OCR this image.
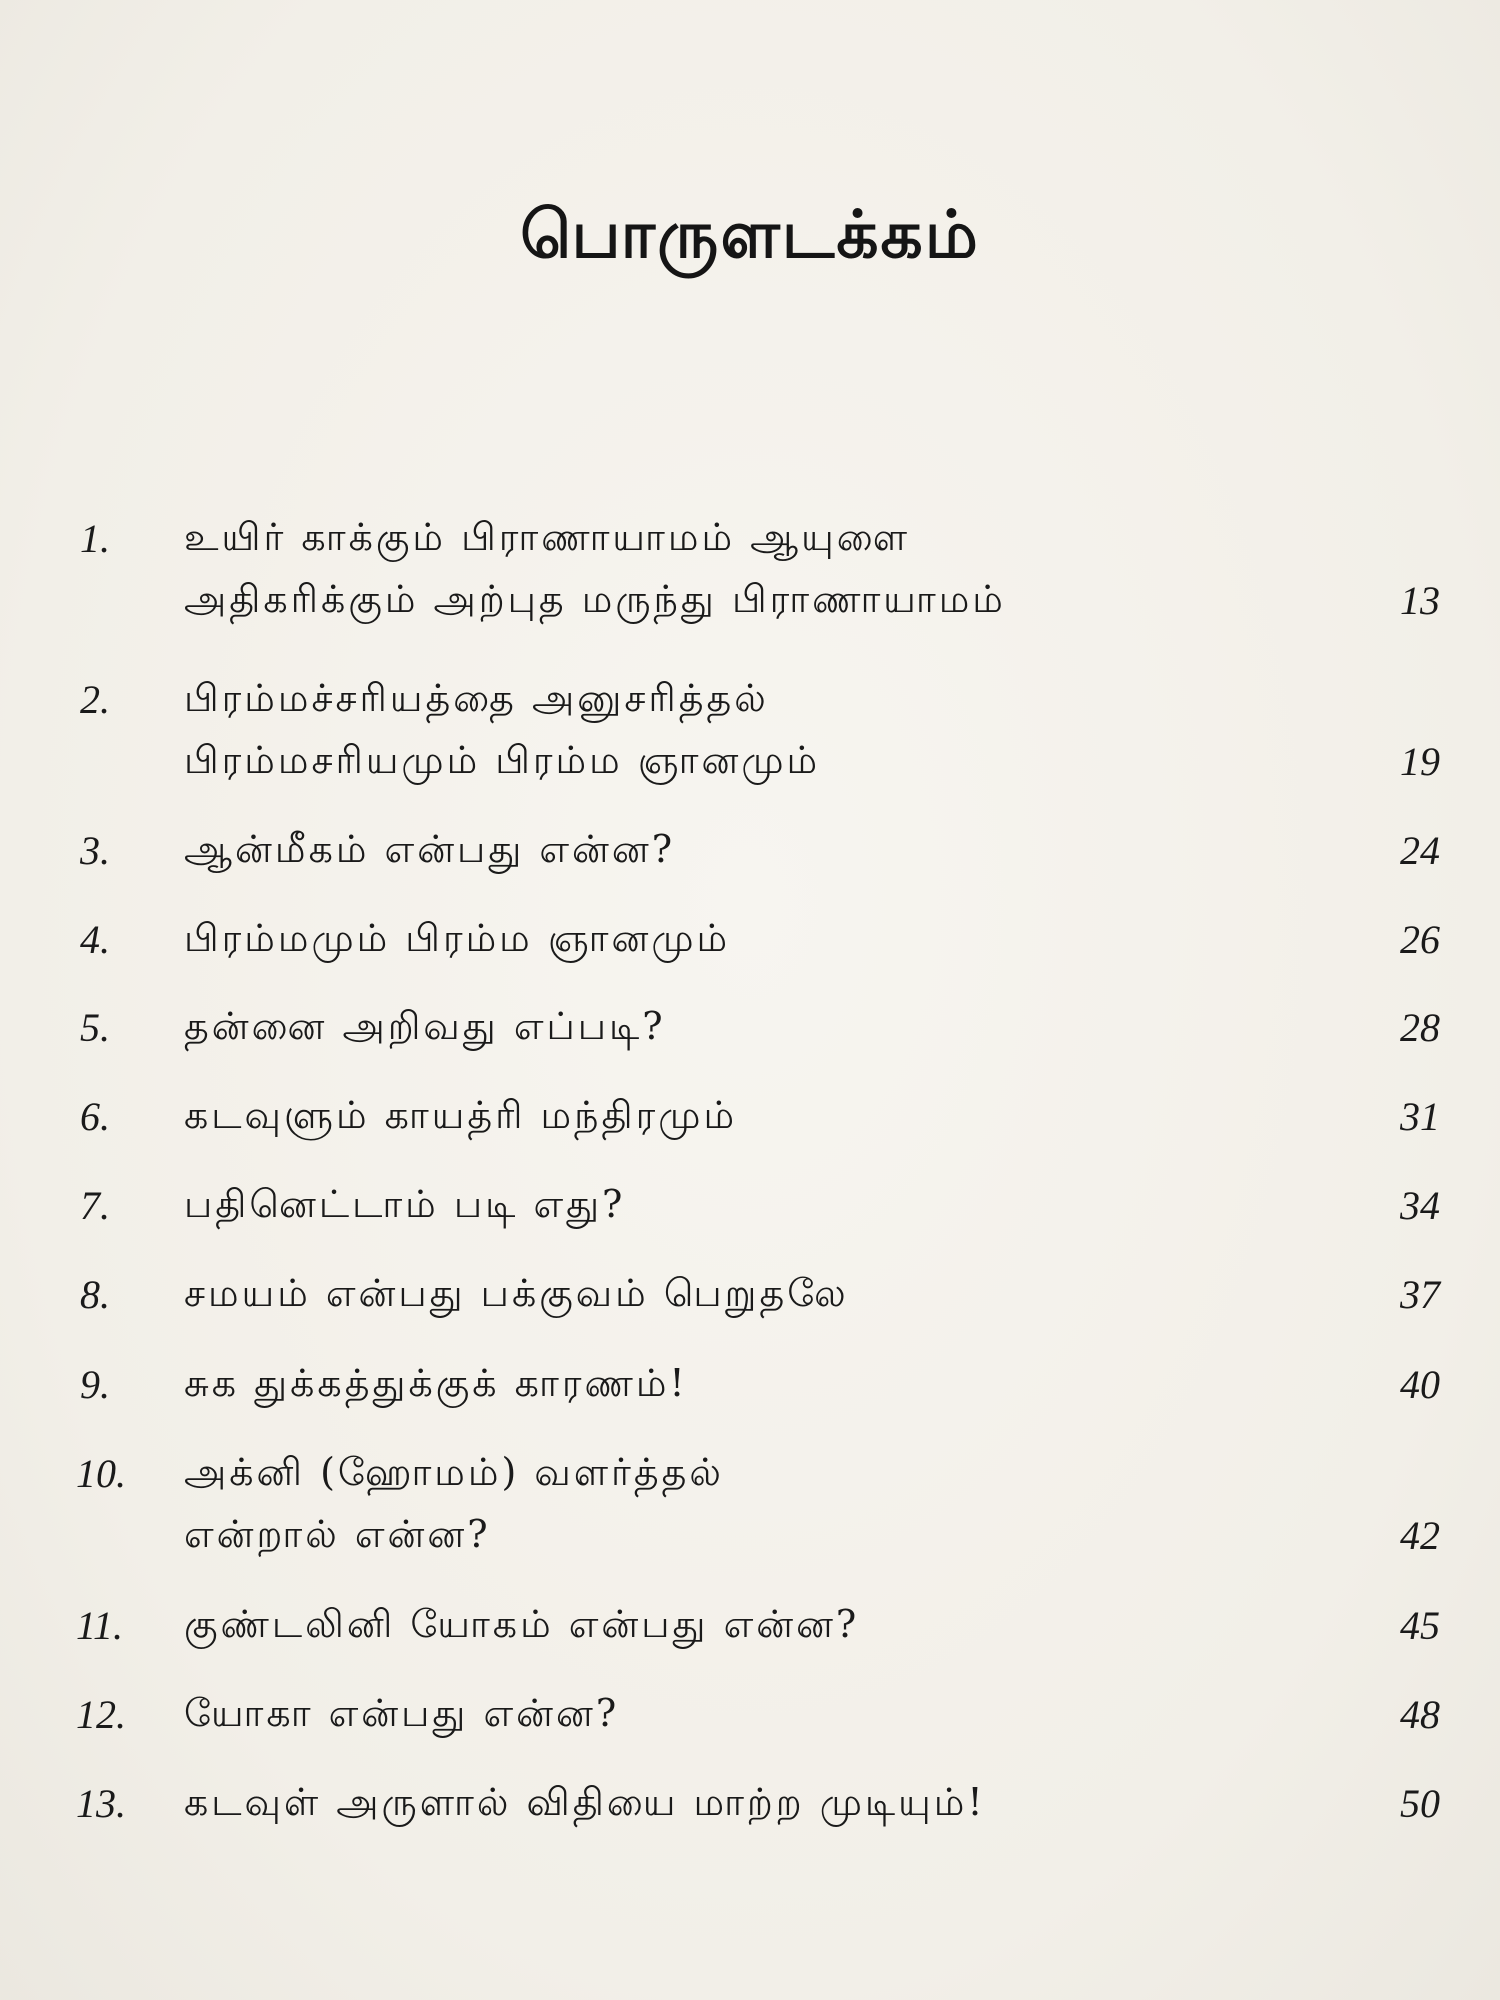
பொருளடக்கம்
1. உயிர் காக்கும் பிராணாயாமம் ஆயுளை
அதிகரிக்கும் அற்புத மருந்து பிராணாயாமம்	13
2. பிரம்மச்சரியத்தை அனுசரித்தல்
பிரம்மசரியமும் பிரம்ம ஞானமும்	19
3. ஆன்மீகம் என்பது என்ன?	24
4. பிரம்மமும் பிரம்ம ஞானமும்	26
5. தன்னை அறிவது எப்படி?	28
6. கடவுளும் காயத்ரி மந்திரமும்	31
7. பதினெட்டாம் படி எது?	34
8. சமயம் என்பது பக்குவம் பெறுதலே	37
9. சுக துக்கத்துக்குக் காரணம்!	40
10. அக்னி (ஹோமம்) வளர்த்தல்
என்றால் என்ன?	42
11. குண்டலினி யோகம் என்பது என்ன?	45
12. யோகா என்பது என்ன?	48
13. கடவுள் அருளால் விதியை மாற்ற முடியும்!	50
